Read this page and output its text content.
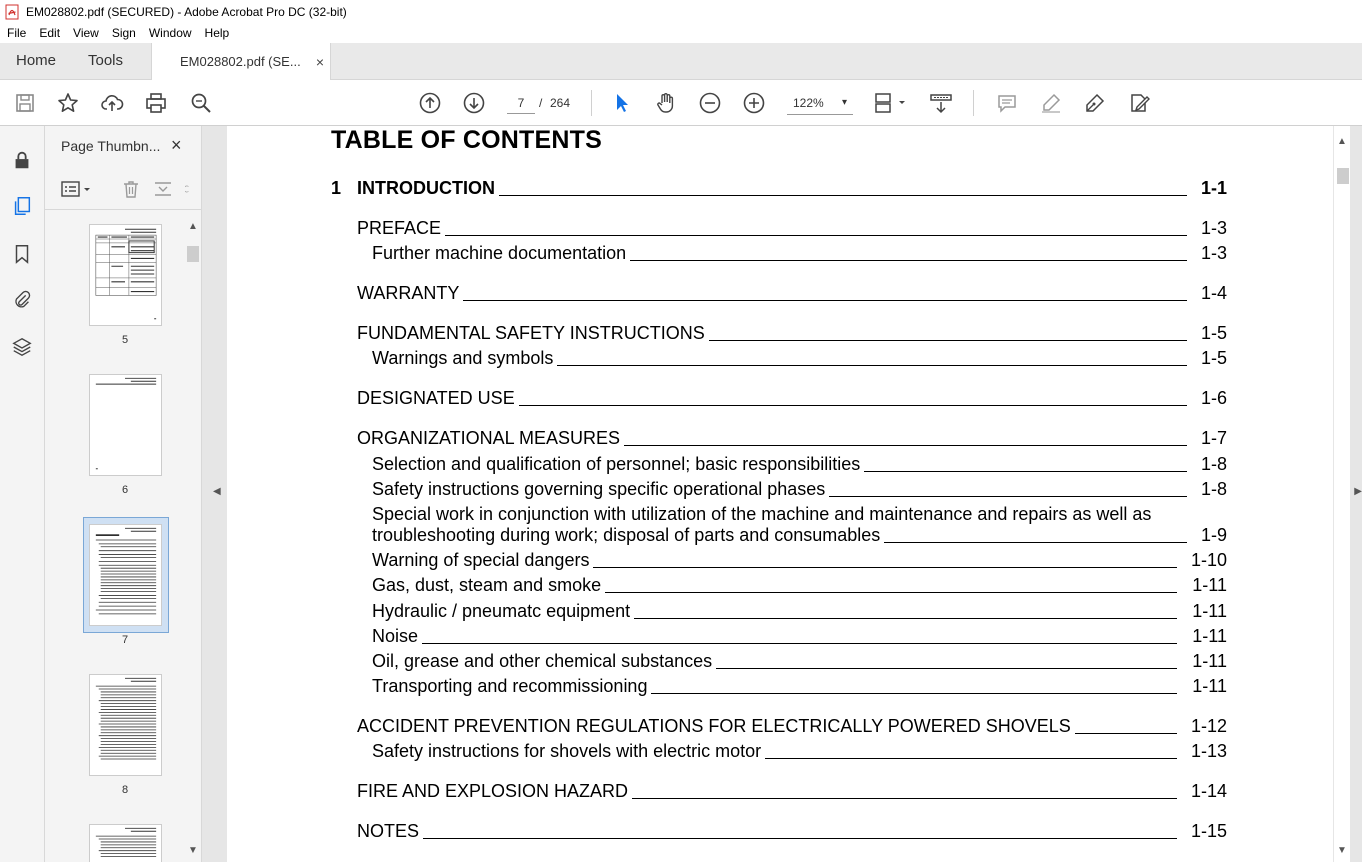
EM028802.pdf (SECURED) - Adobe Acrobat Pro DC (32-bit)
File	Edit	View	Sign	Window	Help
Home Tools	EM028802.pdf (SE... ×
7
/ 264	122% ▾
Page Thumbn... ×
5
6
7
8
▲
▼
◀
TABLE OF CONTENTS
1 INTRODUCTION	1-1
PREFACE	1-3
Further machine documentation	1-3
WARRANTY	1-4
FUNDAMENTAL SAFETY INSTRUCTIONS	1-5
Warnings and symbols	1-5
DESIGNATED USE	1-6
ORGANIZATIONAL MEASURES	1-7
Selection and qualification of personnel; basic responsibilities	1-8
Safety instructions governing specific operational phases	1-8
Special work in conjunction with utilization of the machine and maintenance and repairs as well as
troubleshooting during work; disposal of parts and consumables	1-9
Warning of special dangers	1-10
Gas, dust, steam and smoke	1-11
Hydraulic / pneumatc equipment	1-11
Noise	1-11
Oil, grease and other chemical substances	1-11
Transporting and recommissioning	1-11
ACCIDENT PREVENTION REGULATIONS FOR ELECTRICALLY POWERED SHOVELS	1-12
Safety instructions for shovels with electric motor	1-13
FIRE AND EXPLOSION HAZARD	1-14
NOTES	1-15
▲
▼
▶
